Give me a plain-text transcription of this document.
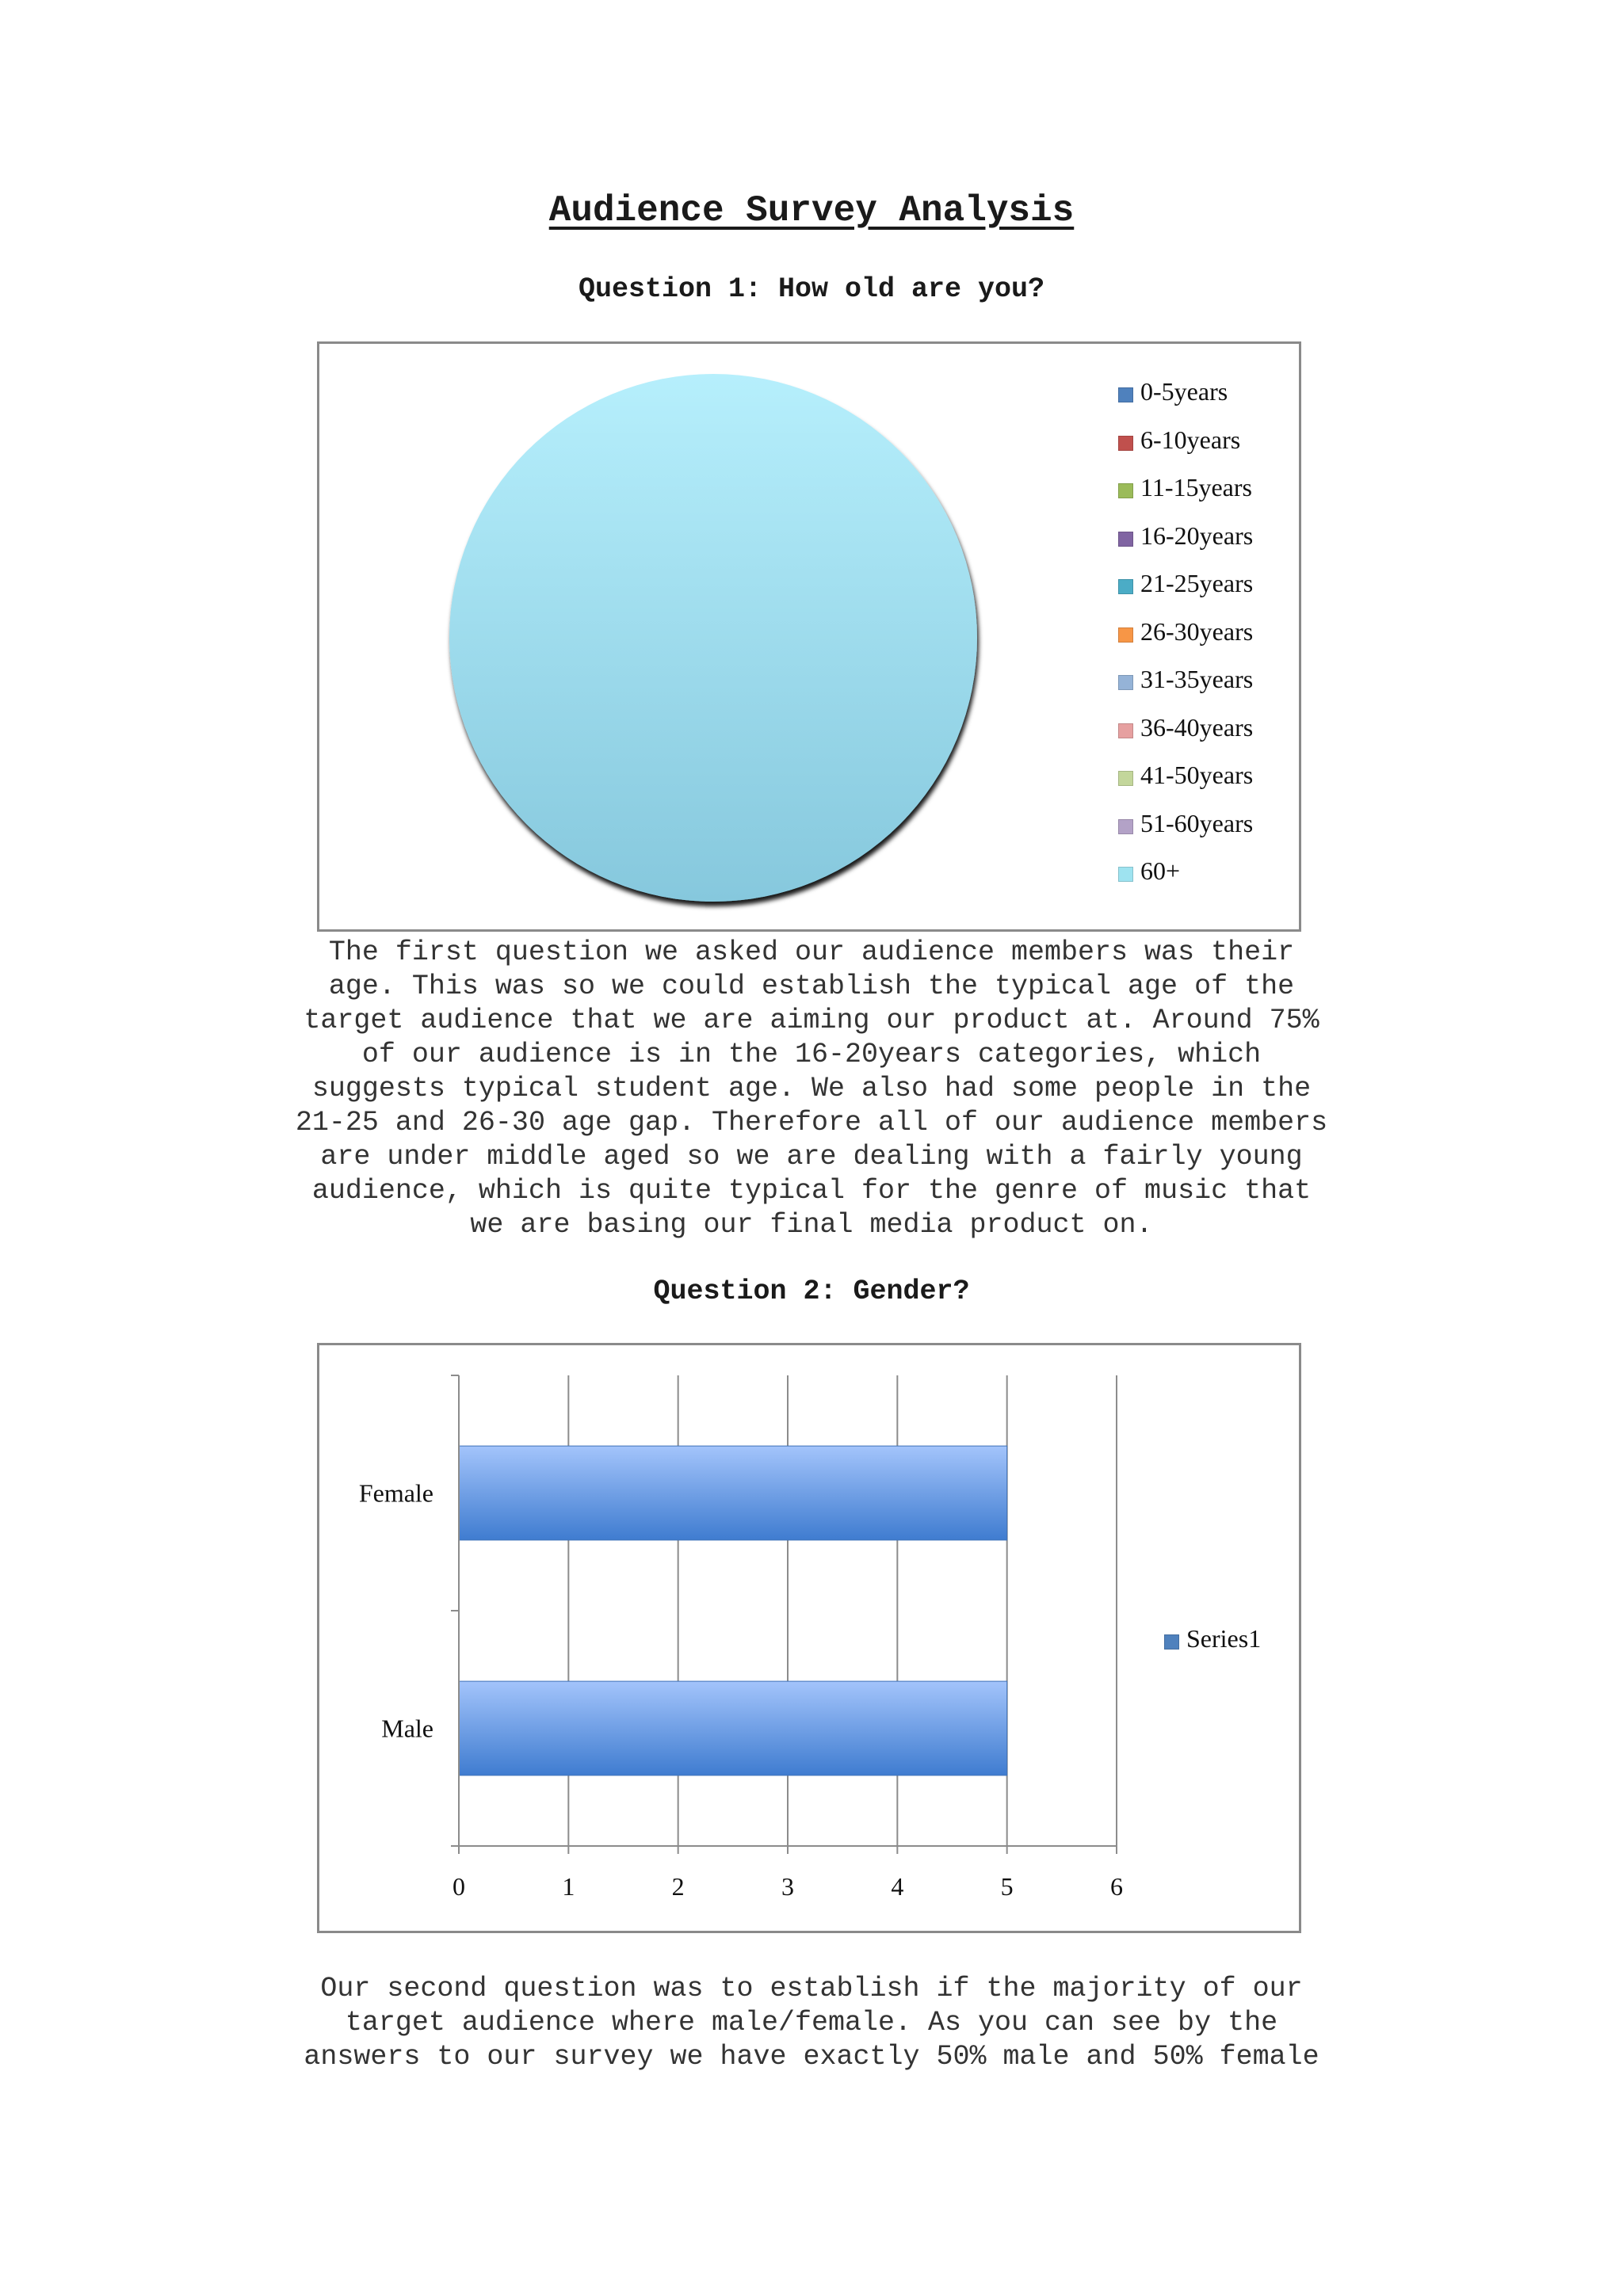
Audience Survey Analysis
Question 1: How old are you?
0-5years
6-10years
11-15years
16-20years
21-25years
26-30years
31-35years
36-40years
41-50years
51-60years
60+

The first question we asked our audience members was their
age. This was so we could establish the typical age of the
target audience that we are aiming our product at. Around 75%
of our audience is in the 16-20years categories, which
suggests typical student age. We also had some people in the
21-25 and 26-30 age gap. Therefore all of our audience members
are under middle aged so we are dealing with a fairly young
audience, which is quite typical for the genre of music that
we are basing our final media product on.

Question 2: Gender?
0	1	2	3	4	5	6
Male
Female
Series1

Our second question was to establish if the majority of our
target audience where male/female. As you can see by the
answers to our survey we have exactly 50% male and 50% female
